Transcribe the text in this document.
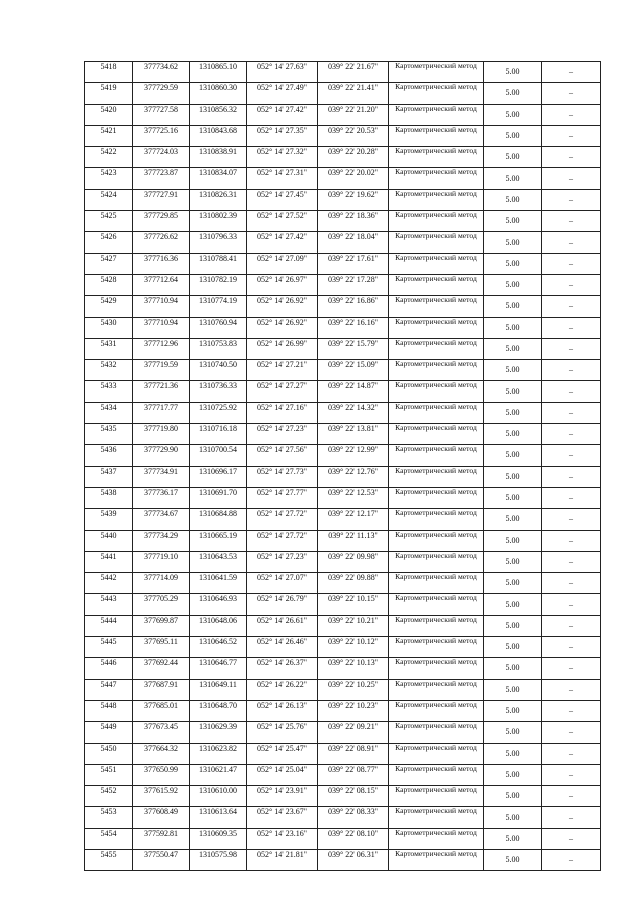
5418	377734.62	1310865.10	052° 14' 27.63"	039° 22' 21.67"	Картометрический метод	5.00	–
5419	377729.59	1310860.30	052° 14' 27.49"	039° 22' 21.41"	Картометрический метод	5.00	–
5420	377727.58	1310856.32	052° 14' 27.42"	039° 22' 21.20"	Картометрический метод	5.00	–
5421	377725.16	1310843.68	052° 14' 27.35"	039° 22' 20.53"	Картометрический метод	5.00	–
5422	377724.03	1310838.91	052° 14' 27.32"	039° 22' 20.28"	Картометрический метод	5.00	–
5423	377723.87	1310834.07	052° 14' 27.31"	039° 22' 20.02"	Картометрический метод	5.00	–
5424	377727.91	1310826.31	052° 14' 27.45"	039° 22' 19.62"	Картометрический метод	5.00	–
5425	377729.85	1310802.39	052° 14' 27.52"	039° 22' 18.36"	Картометрический метод	5.00	–
5426	377726.62	1310796.33	052° 14' 27.42"	039° 22' 18.04"	Картометрический метод	5.00	–
5427	377716.36	1310788.41	052° 14' 27.09"	039° 22' 17.61"	Картометрический метод	5.00	–
5428	377712.64	1310782.19	052° 14' 26.97"	039° 22' 17.28"	Картометрический метод	5.00	–
5429	377710.94	1310774.19	052° 14' 26.92"	039° 22' 16.86"	Картометрический метод	5.00	–
5430	377710.94	1310760.94	052° 14' 26.92"	039° 22' 16.16"	Картометрический метод	5.00	–
5431	377712.96	1310753.83	052° 14' 26.99"	039° 22' 15.79"	Картометрический метод	5.00	–
5432	377719.59	1310740.50	052° 14' 27.21"	039° 22' 15.09"	Картометрический метод	5.00	–
5433	377721.36	1310736.33	052° 14' 27.27"	039° 22' 14.87"	Картометрический метод	5.00	–
5434	377717.77	1310725.92	052° 14' 27.16"	039° 22' 14.32"	Картометрический метод	5.00	–
5435	377719.80	1310716.18	052° 14' 27.23"	039° 22' 13.81"	Картометрический метод	5.00	–
5436	377729.90	1310700.54	052° 14' 27.56"	039° 22' 12.99"	Картометрический метод	5.00	–
5437	377734.91	1310696.17	052° 14' 27.73"	039° 22' 12.76"	Картометрический метод	5.00	–
5438	377736.17	1310691.70	052° 14' 27.77"	039° 22' 12.53"	Картометрический метод	5.00	–
5439	377734.67	1310684.88	052° 14' 27.72"	039° 22' 12.17"	Картометрический метод	5.00	–
5440	377734.29	1310665.19	052° 14' 27.72"	039° 22' 11.13"	Картометрический метод	5.00	–
5441	377719.10	1310643.53	052° 14' 27.23"	039° 22' 09.98"	Картометрический метод	5.00	–
5442	377714.09	1310641.59	052° 14' 27.07"	039° 22' 09.88"	Картометрический метод	5.00	–
5443	377705.29	1310646.93	052° 14' 26.79"	039° 22' 10.15"	Картометрический метод	5.00	–
5444	377699.87	1310648.06	052° 14' 26.61"	039° 22' 10.21"	Картометрический метод	5.00	–
5445	377695.11	1310646.52	052° 14' 26.46"	039° 22' 10.12"	Картометрический метод	5.00	–
5446	377692.44	1310646.77	052° 14' 26.37"	039° 22' 10.13"	Картометрический метод	5.00	–
5447	377687.91	1310649.11	052° 14' 26.22"	039° 22' 10.25"	Картометрический метод	5.00	–
5448	377685.01	1310648.70	052° 14' 26.13"	039° 22' 10.23"	Картометрический метод	5.00	–
5449	377673.45	1310629.39	052° 14' 25.76"	039° 22' 09.21"	Картометрический метод	5.00	–
5450	377664.32	1310623.82	052° 14' 25.47"	039° 22' 08.91"	Картометрический метод	5.00	–
5451	377650.99	1310621.47	052° 14' 25.04"	039° 22' 08.77"	Картометрический метод	5.00	–
5452	377615.92	1310610.00	052° 14' 23.91"	039° 22' 08.15"	Картометрический метод	5.00	–
5453	377608.49	1310613.64	052° 14' 23.67"	039° 22' 08.33"	Картометрический метод	5.00	–
5454	377592.81	1310609.35	052° 14' 23.16"	039° 22' 08.10"	Картометрический метод	5.00	–
5455	377550.47	1310575.98	052° 14' 21.81"	039° 22' 06.31"	Картометрический метод	5.00	–
